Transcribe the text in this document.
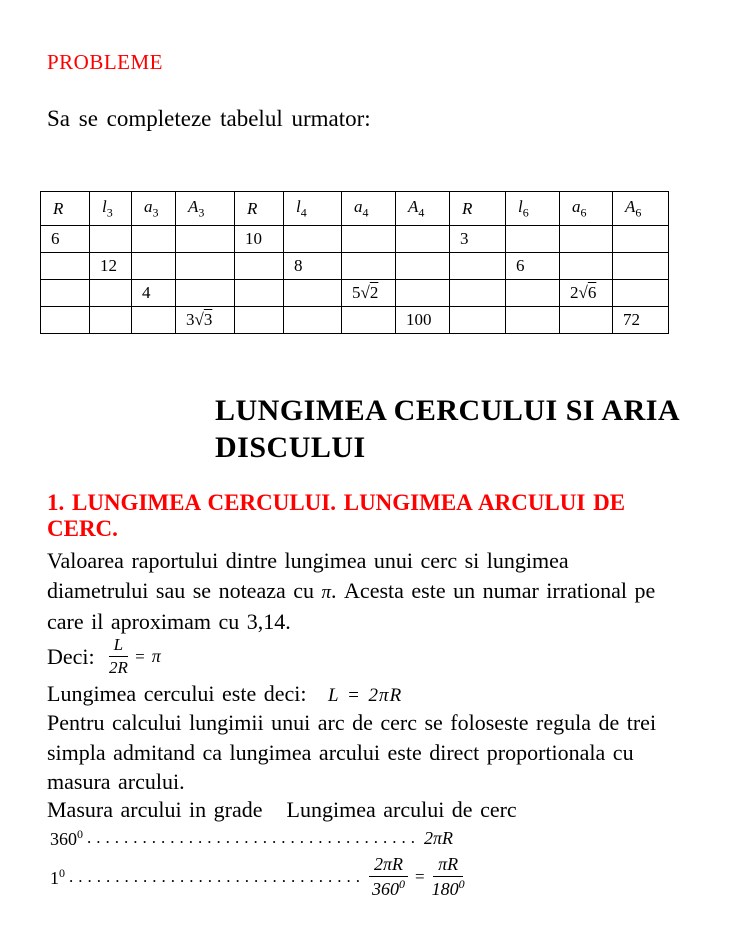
PROBLEME
Sa se completeze tabelul urmator:
R	$l_3$	$a_3$	$A_3$	R	$l_4$	$a_4$	$A_4$	R	$l_6$	$a_6$	$A_6$
6				10				3			
	12				8				6		
		4				5√2				2√6	
			3√3				100				72
LUNGIMEA CERCULUI SI ARIA
DISCULUI
1. LUNGIMEA CERCULUI. LUNGIMEA ARCULUI DE CERC.
Valoarea raportului dintre lungimea unui cerc si lungimea
diametrului sau se noteaza cu π. Acesta este un numar irrational pe
care il aproximam cu 3,14.
Deci: $\frac{L}{2R} = \pi$
Lungimea cercului este deci: L = 2πR
Pentru calcului lungimii unui arc de cerc se foloseste regula de trei
simpla admitand ca lungimea arcului este direct proportionala cu
masura arcului.
Masura arcului in grade Lungimea arcului de cerc
$360^0$ .................................... 2πR
$1^0$ ................................ $\frac{2\pi R}{360^0} = \frac{\pi R}{180^0}$
